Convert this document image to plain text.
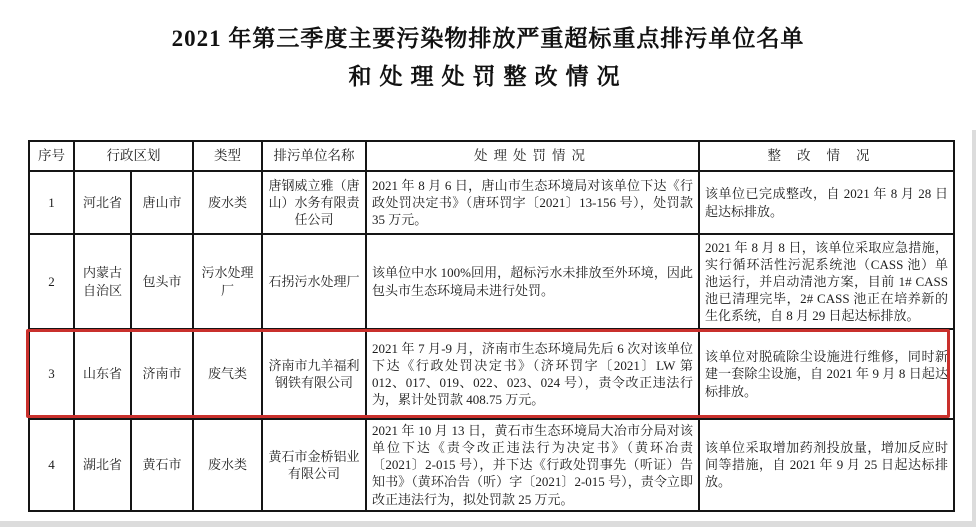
2021 年第三季度主要污染物排放严重超标重点排污单位名单
和处理处罚整改情况
序号	行政区划		类型	排污单位名称	处理处罚情况	整改情况
1	河北省	唐山市	废水类	唐钢威立雅（唐山）水务有限责任公司	2021 年 8 月 6 日，唐山市生态环境局对该单位下达《行政处罚决定书》（唐环罚字〔2021〕13-156 号），处罚款 35 万元。	该单位已完成整改，自 2021 年 8 月 28 日起达标排放。
2	内蒙古自治区	包头市	污水处理厂	石拐污水处理厂	该单位中水 100%回用，超标污水未排放至外环境，因此包头市生态环境局未进行处罚。	2021 年 8 月 8 日，该单位采取应急措施，实行循环活性污泥系统池（CASS 池）单池运行，并启动清池方案，目前 1# CASS 池已清理完毕，2# CASS 池正在培养新的生化系统，自 8 月 29 日起达标排放。
3	山东省	济南市	废气类	济南市九羊福利钢铁有限公司	2021 年 7 月-9 月，济南市生态环境局先后 6 次对该单位下达《行政处罚决定书》（济环罚字〔2021〕LW 第 012、017、019、022、023、024 号），责令改正违法行为，累计处罚款 408.75 万元。	该单位对脱硫除尘设施进行维修，同时新建一套除尘设施，自 2021 年 9 月 8 日起达标排放。
4	湖北省	黄石市	废水类	黄石市金桥铝业有限公司	2021 年 10 月 13 日，黄石市生态环境局大冶市分局对该单位下达《责令改正违法行为决定书》（黄环冶责〔2021〕2-015 号），并下达《行政处罚事先（听证）告知书》（黄环冶告（听）字〔2021〕2-015 号），责令立即改正违法行为，拟处罚款 25 万元。	该单位采取增加药剂投放量，增加反应时间等措施，自 2021 年 9 月 25 日起达标排放。
